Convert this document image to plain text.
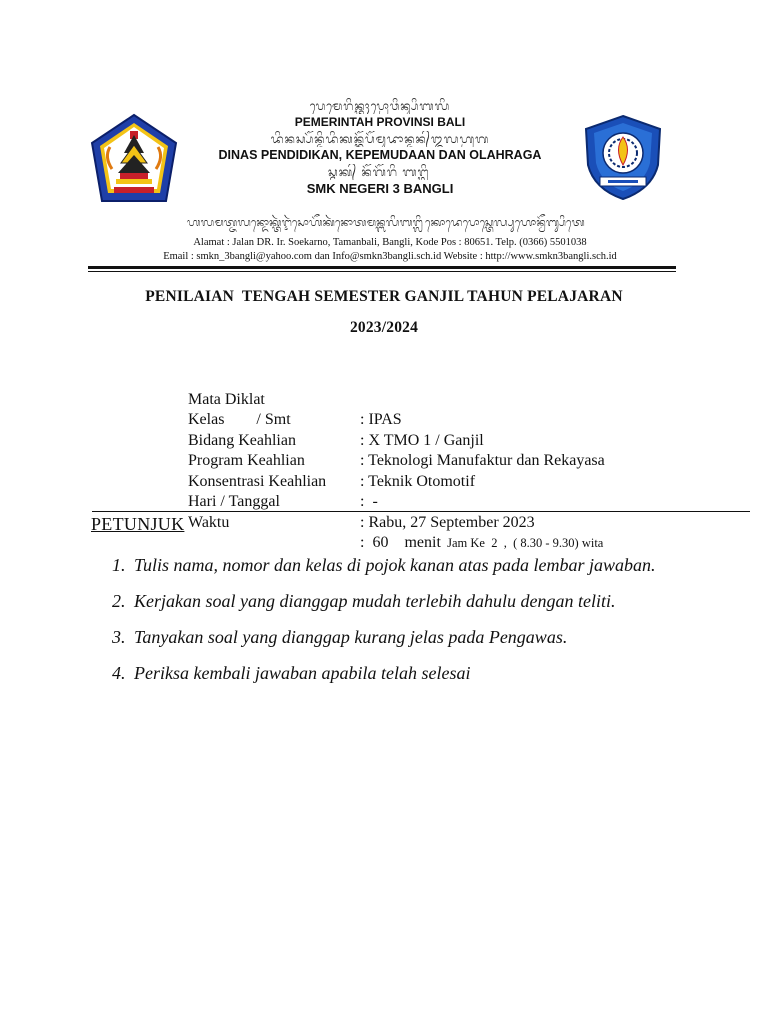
ᬧᬾᬫᬾᬭᬶᬦ᭄ᬢᬄᬧ᭄ᬭᭀᬯᬶᬦ᭄ᬲᬶᬩᬮᬶ
PEMERINTAH PROVINSI BALI
ᬤᬶᬦᬲ᭄ᬧᭂᬦ᭄ᬤᬶᬤᬶᬓᬦ᭄ᬓᭂᬧᭂᬫᬸᬤᬵᬦ᭄ᬤᬦ᭄ᬑᬮᬳ᭄ᬭᬕ
DINAS PENDIDIKAN, KEPEMUDAAN DAN OLAHRAGA
ᬲ᭄ᬫᬓ᭄ ᬦᭂᬕᭂᬭᬶ ᬩᬗ᭄ᬮᬶ
SMK NEGERI 3 BANGLI
ᬳᬮᬫᬢ᭄ᬚᬮᬦ᭄ᬤᭀᬓ᭄ᬢᬃᬇᬃᬲᭀᬳᭂᬓᬃᬦᭀᬢᬫᬦ᭄ᬩᬮᬶᬩᬗ᭄ᬮᬶᬓᭀᬤᬾᬧᭀᬲ᭄ᬢᬾᬮ᭄ᬧᬸᬳᭀᬦ᭄ᬯᭂᬩ᭄ᬲᬶᬢᬾ
Alamat : Jalan DR. Ir. Soekarno, Tamanbali, Bangli, Kode Pos : 80651. Telp. (0366) 5501038
Email : smkn_3bangli@yahoo.com dan Info@smkn3bangli.sch.id Website : http://www.smkn3bangli.sch.id
PENILAIAN  TENGAH SEMESTER GANJIL TAHUN PELAJARAN
2023/2024

Mata Diklat

: IPAS

Kelas        / Smt

: X TMO 1 / Ganjil

Bidang Keahlian

: Teknologi Manufaktur dan Rekayasa

Program Keahlian

: Teknik Otomotif

Konsentrasi Keahlian

:  -

Hari / Tanggal

: Rabu, 27 September 2023

Waktu

:  60    menit  Jam Ke  2  ,  ( 8.30 - 9.30) wita

PETUNJUK
1. Tulis nama, nomor dan kelas di pojok kanan atas pada lembar jawaban.
2. Kerjakan soal yang dianggap mudah terlebih dahulu dengan teliti.
3. Tanyakan soal yang dianggap kurang jelas pada Pengawas.
4. Periksa kembali jawaban apabila telah selesai
